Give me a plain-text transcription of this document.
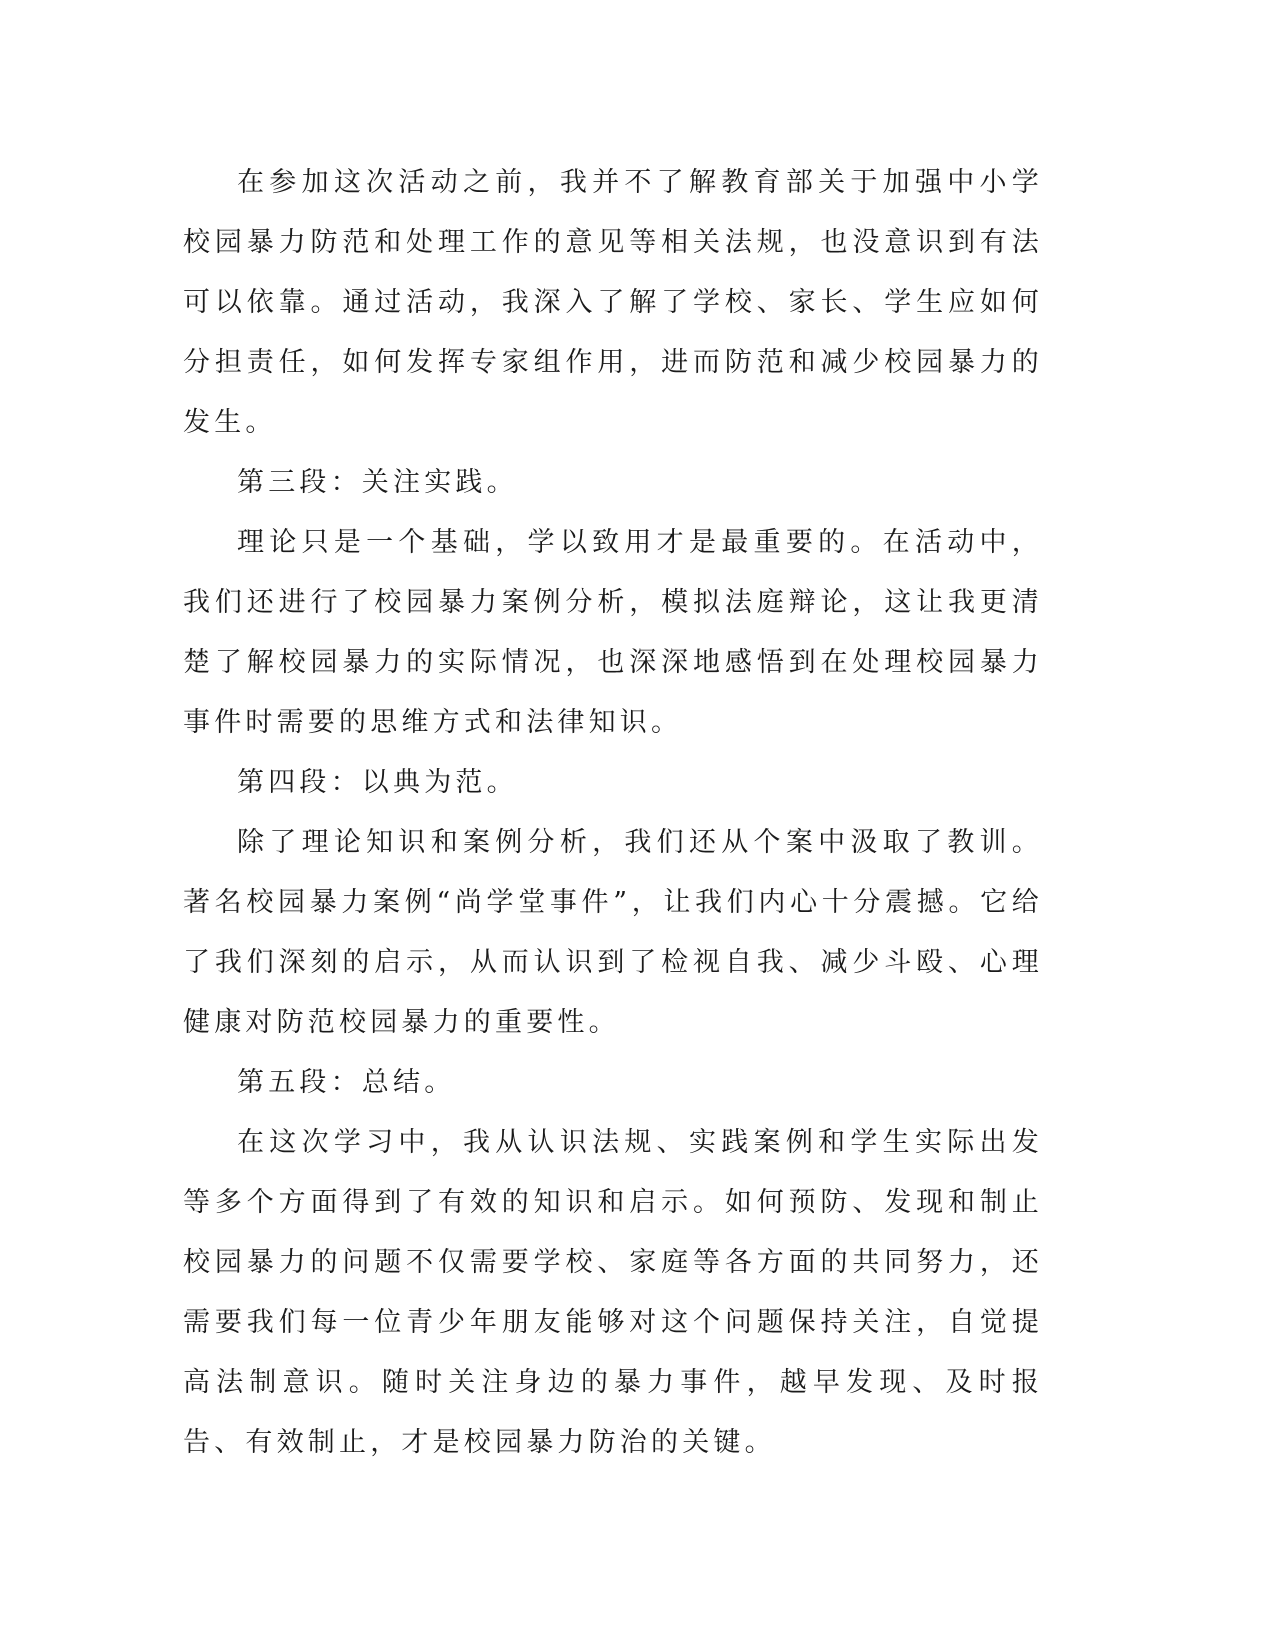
在参加这次活动之前，我并不了解教育部关于加强中小学校园暴力防范和处理工作的意见等相关法规，也没意识到有法可以依靠。通过活动，我深入了解了学校、家长、学生应如何分担责任，如何发挥专家组作用，进而防范和减少校园暴力的发生。

第三段：关注实践。

理论只是一个基础，学以致用才是最重要的。在活动中，我们还进行了校园暴力案例分析，模拟法庭辩论，这让我更清楚了解校园暴力的实际情况，也深深地感悟到在处理校园暴力事件时需要的思维方式和法律知识。

第四段：以典为范。

除了理论知识和案例分析，我们还从个案中汲取了教训。著名校园暴力案例“尚学堂事件”，让我们内心十分震撼。它给了我们深刻的启示，从而认识到了检视自我、减少斗殴、心理健康对防范校园暴力的重要性。

第五段：总结。

在这次学习中，我从认识法规、实践案例和学生实际出发等多个方面得到了有效的知识和启示。如何预防、发现和制止校园暴力的问题不仅需要学校、家庭等各方面的共同努力，还需要我们每一位青少年朋友能够对这个问题保持关注，自觉提高法制意识。随时关注身边的暴力事件，越早发现、及时报告、有效制止，才是校园暴力防治的关键。
